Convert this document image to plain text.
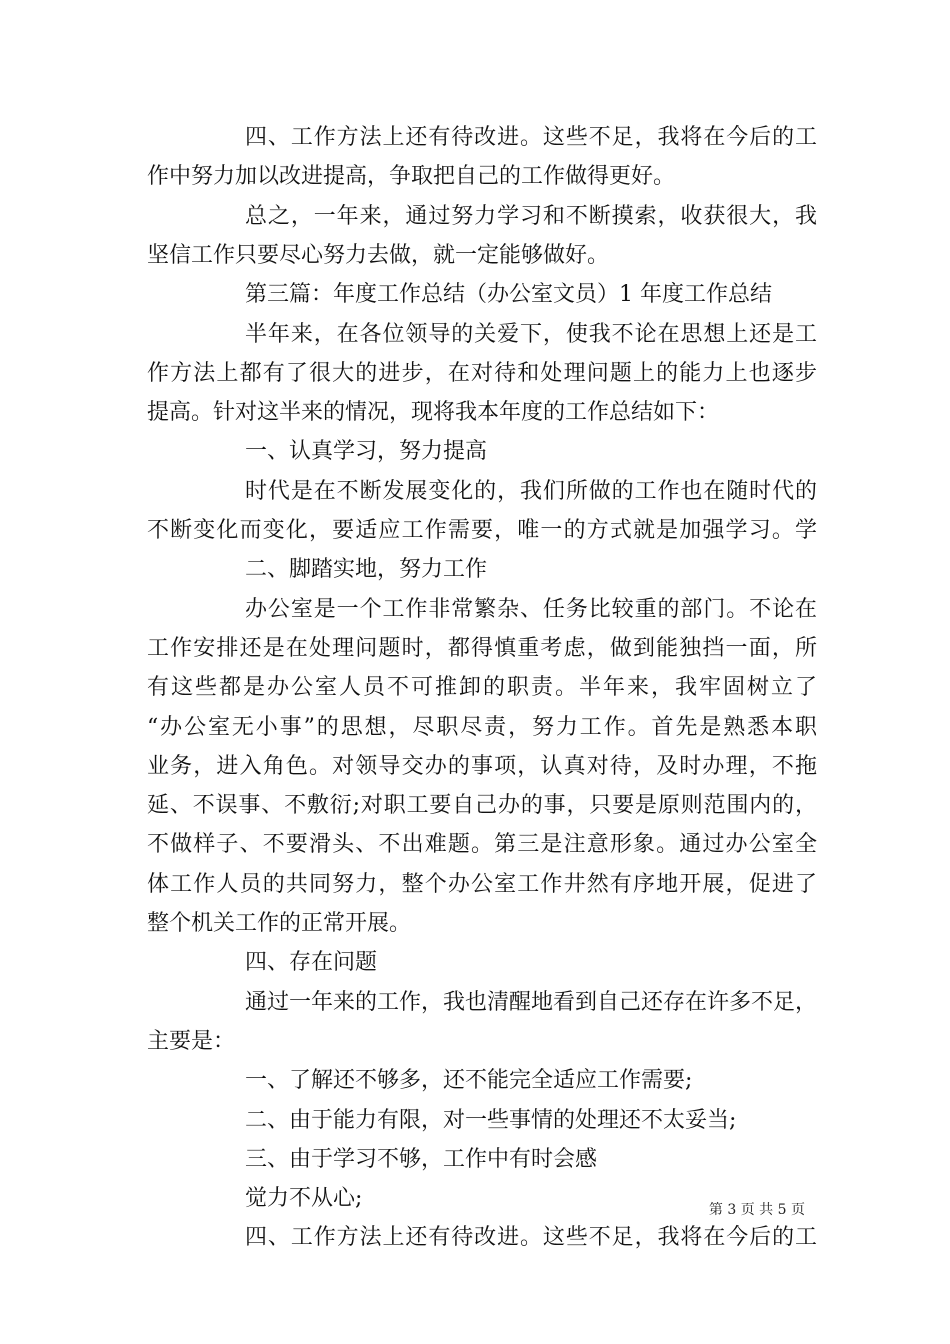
四、工作方法上还有待改进。这些不足，我将在今后的工
作中努力加以改进提高，争取把自己的工作做得更好。
总之，一年来，通过努力学习和不断摸索，收获很大，我
坚信工作只要尽心努力去做，就一定能够做好。
第三篇：年度工作总结（办公室文员）1 年度工作总结
半年来，在各位领导的关爱下，使我不论在思想上还是工
作方法上都有了很大的进步，在对待和处理问题上的能力上也逐步
提高。针对这半来的情况，现将我本年度的工作总结如下：
一、认真学习，努力提高
时代是在不断发展变化的，我们所做的工作也在随时代的
不断变化而变化，要适应工作需要，唯一的方式就是加强学习。学
二、脚踏实地，努力工作
办公室是一个工作非常繁杂、任务比较重的部门。不论在
工作安排还是在处理问题时，都得慎重考虑，做到能独挡一面，所
有这些都是办公室人员不可推卸的职责。半年来，我牢固树立了
“办公室无小事”的思想，尽职尽责，努力工作。首先是熟悉本职
业务，进入角色。对领导交办的事项，认真对待，及时办理，不拖
延、不误事、不敷衍;对职工要自己办的事，只要是原则范围内的，
不做样子、不要滑头、不出难题。第三是注意形象。通过办公室全
体工作人员的共同努力，整个办公室工作井然有序地开展，促进了
整个机关工作的正常开展。
四、存在问题
通过一年来的工作，我也清醒地看到自己还存在许多不足，
主要是：
一、了解还不够多，还不能完全适应工作需要;
二、由于能力有限，对一些事情的处理还不太妥当;
三、由于学习不够，工作中有时会感
觉力不从心;
四、工作方法上还有待改进。这些不足，我将在今后的工
第 3 页 共 5 页
